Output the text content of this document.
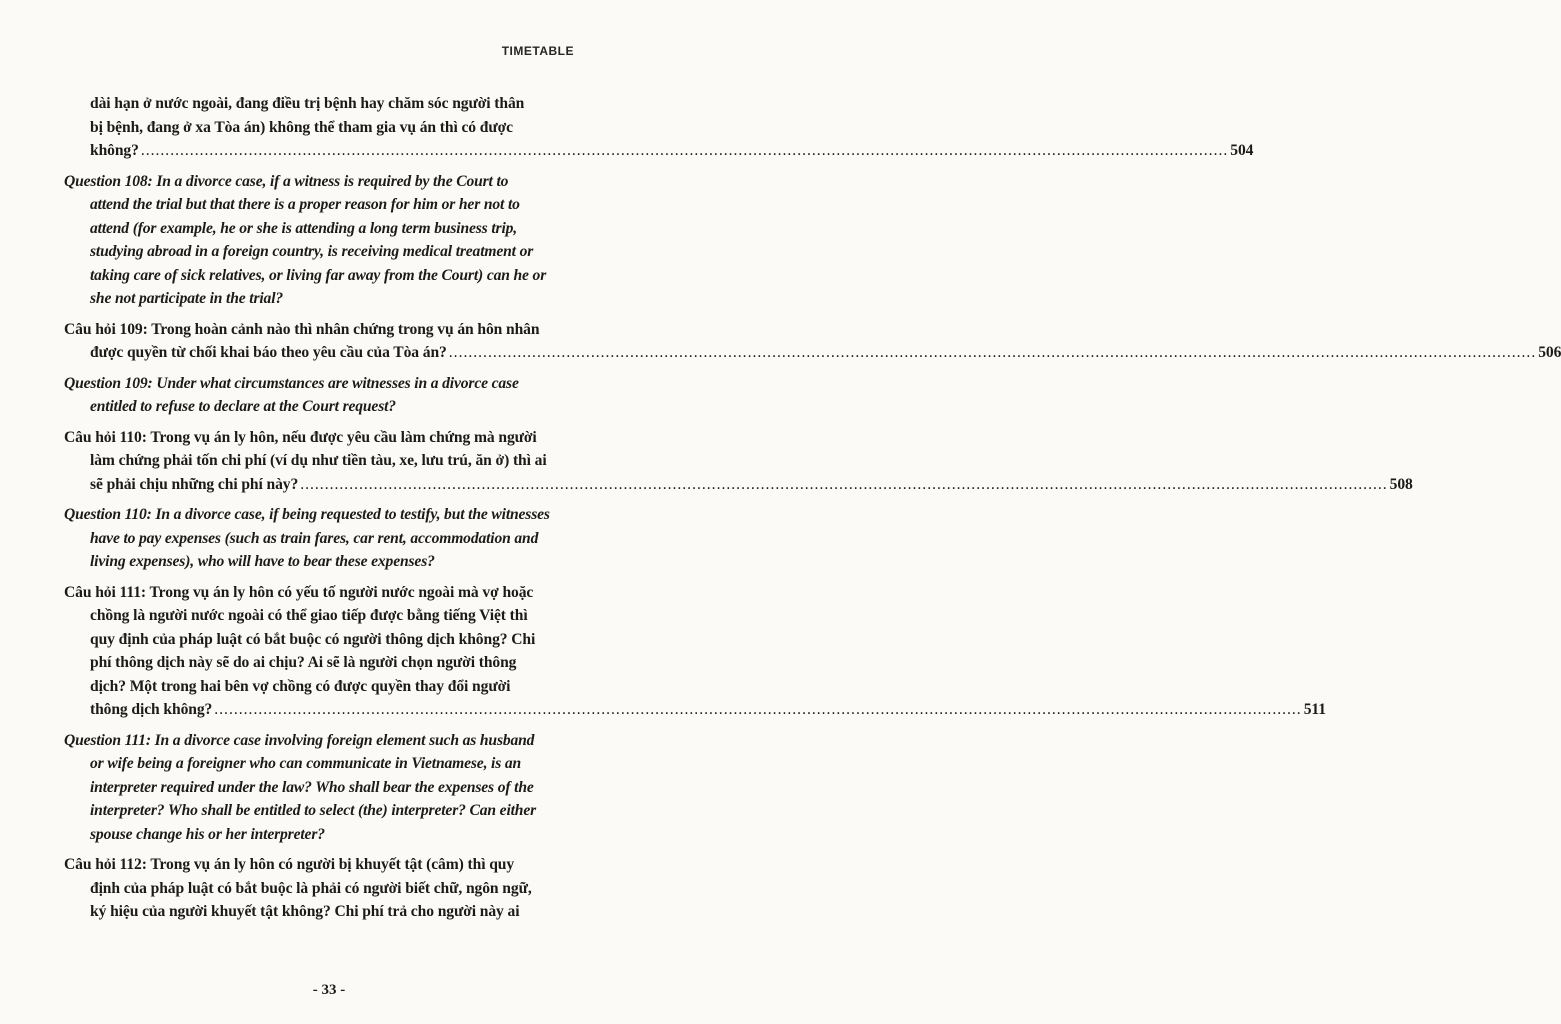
TIMETABLE
dài hạn ở nước ngoài, đang điều trị bệnh hay chăm sóc người thân
bị bệnh, đang ở xa Tòa án) không thể tham gia vụ án thì có được
không? .....	504
Question 108: In a divorce case, if a witness is required by the Court to
attend the trial but that there is a proper reason for him or her not to
attend (for example, he or she is attending a long term business trip,
studying abroad in a foreign country, is receiving medical treatment or
taking care of sick relatives, or living far away from the Court) can he or
she not participate in the trial?
Câu hỏi 109: Trong hoàn cảnh nào thì nhân chứng trong vụ án hôn nhân
được quyền từ chối khai báo theo yêu cầu của Tòa án? .....	506
Question 109: Under what circumstances are witnesses in a divorce case
entitled to refuse to declare at the Court request?
Câu hỏi 110: Trong vụ án ly hôn, nếu được yêu cầu làm chứng mà người
làm chứng phải tốn chi phí (ví dụ như tiền tàu, xe, lưu trú, ăn ở) thì ai
sẽ phải chịu những chi phí này? .....	508
Question 110: In a divorce case, if being requested to testify, but the witnesses
have to pay expenses (such as train fares, car rent, accommodation and
living expenses), who will have to bear these expenses?
Câu hỏi 111: Trong vụ án ly hôn có yếu tố người nước ngoài mà vợ hoặc
chồng là người nước ngoài có thể giao tiếp được bằng tiếng Việt thì
quy định của pháp luật có bắt buộc có người thông dịch không? Chi
phí thông dịch này sẽ do ai chịu? Ai sẽ là người chọn người thông
dịch? Một trong hai bên vợ chồng có được quyền thay đổi người
thông dịch không? .....	511
Question 111: In a divorce case involving foreign element such as husband
or wife being a foreigner who can communicate in Vietnamese, is an
interpreter required under the law? Who shall bear the expenses of the
interpreter? Who shall be entitled to select (the) interpreter? Can either
spouse change his or her interpreter?
Câu hỏi 112: Trong vụ án ly hôn có người bị khuyết tật (câm) thì quy
định của pháp luật có bắt buộc là phải có người biết chữ, ngôn ngữ,
ký hiệu của người khuyết tật không? Chi phí trả cho người này ai
- 33 -
